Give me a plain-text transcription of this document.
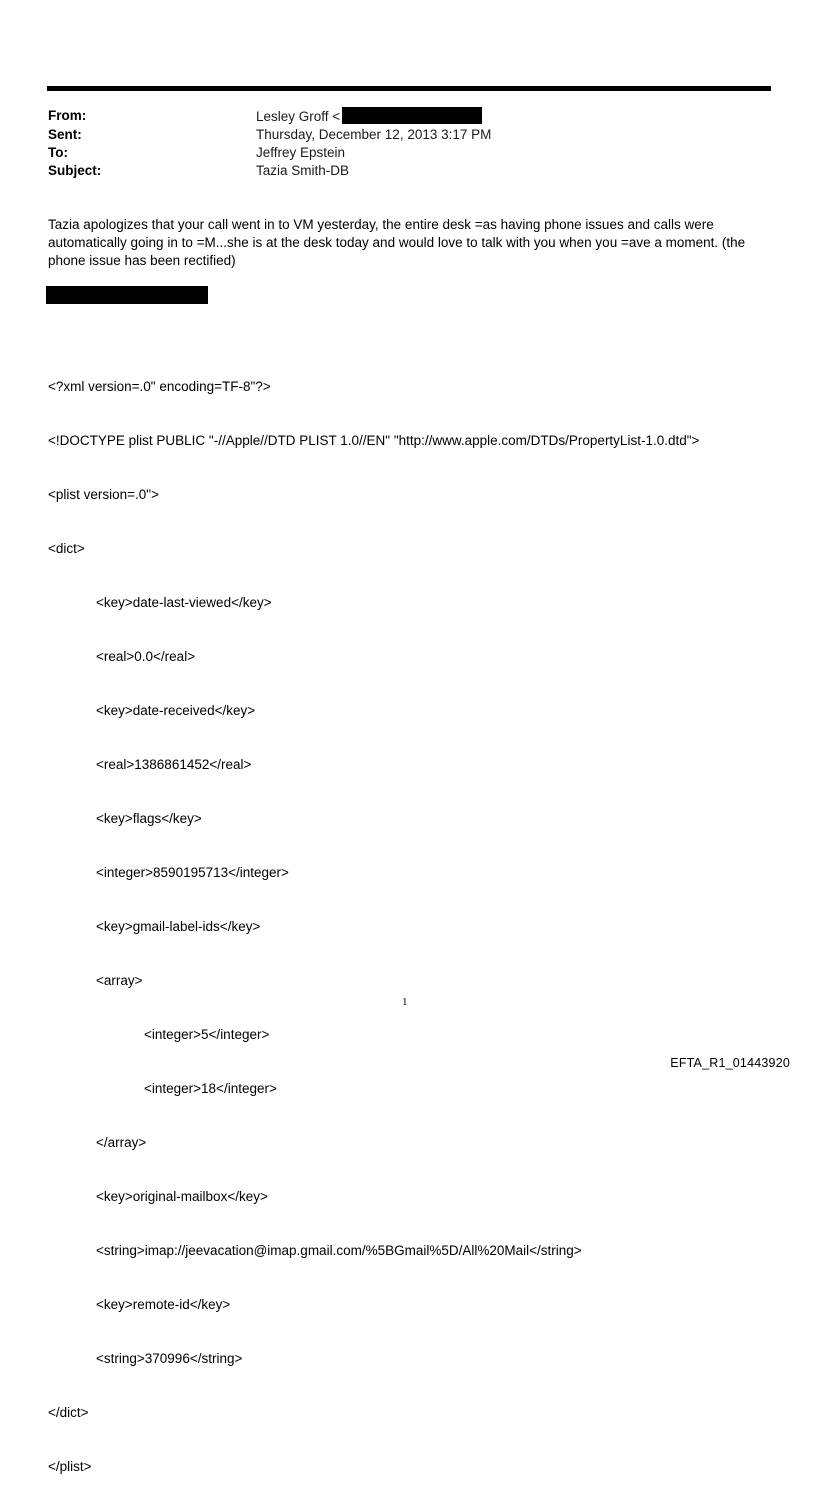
From:	Lesley Groff <
Sent:	Thursday, December 12, 2013 3:17 PM
To:	Jeffrey Epstein
Subject:	Tazia Smith-DB
Tazia apologizes that your call went in to VM yesterday, the entire desk =as having phone issues and calls were automatically going in to =M...she is at the desk today and would love to talk with you when you =ave a moment. (the phone issue has been rectified)

<?xml version=.0" encoding=TF-8"?>

<!DOCTYPE plist PUBLIC "-//Apple//DTD PLIST 1.0//EN" "http://www.apple.com/DTDs/PropertyList-1.0.dtd">

<plist version=.0">

<dict>

<key>date-last-viewed</key>

<real>0.0</real>

<key>date-received</key>

<real>1386861452</real>

<key>flags</key>

<integer>8590195713</integer>

<key>gmail-label-ids</key>

<array>

<integer>5</integer>

<integer>18</integer>

</array>

<key>original-mailbox</key>

<string>imap://jeevacation@imap.gmail.com/%5BGmail%5D/All%20Mail</string>

<key>remote-id</key>

<string>370996</string>

</dict>

</plist>

1
EFTA_R1_01443920
